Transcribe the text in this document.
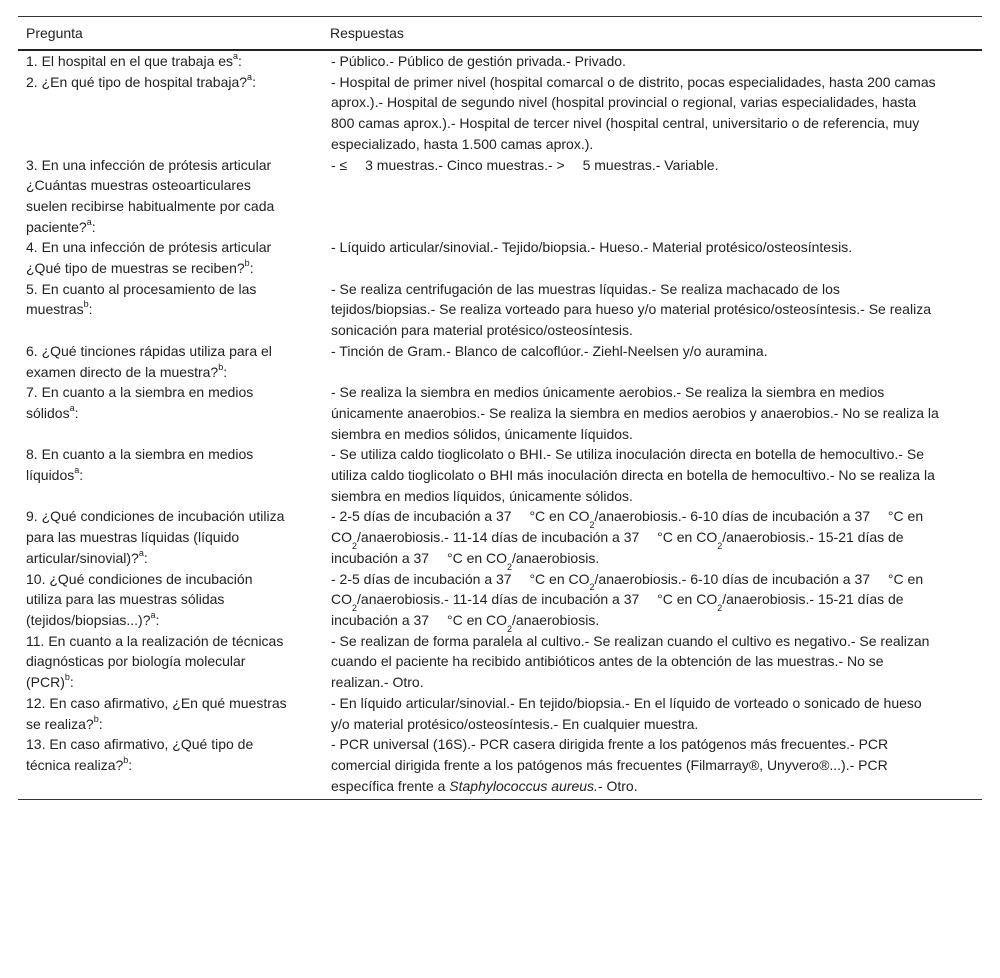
Pregunta	Respuestas
1. El hospital en el que trabaja $es^a$:	- Público.- Público de gestión privada.- Privado.
2. ¿En qué tipo de hospital trabaja?$^a$:	- Hospital de primer nivel (hospital comarcal o de distrito, pocas especialidades, hasta 200 camas aprox.).- Hospital de segundo nivel (hospital provincial o regional, varias especialidades, hasta 800 camas aprox.).- Hospital de tercer nivel (hospital central, universitario o de referencia, muy especializado, hasta 1.500 camas aprox.).
3. En una infección de prótesis articular ¿Cuántas muestras osteoarticulares suelen recibirse habitualmente por cada paciente?$^a$:	- ≤  3 muestras.- Cinco muestras.- >  5 muestras.- Variable.
4. En una infección de prótesis articular ¿Qué tipo de muestras se reciben?$^b$:	- Líquido articular/sinovial.- Tejido/biopsia.- Hueso.- Material protésico/osteosíntesis.
5. En cuanto al procesamiento de las muestras$^b$:	- Se realiza centrifugación de las muestras líquidas.- Se realiza machacado de los tejidos/biopsias.- Se realiza vorteado para hueso y/o material protésico/osteosíntesis.- Se realiza sonicación para material protésico/osteosíntesis.
6. ¿Qué tinciones rápidas utiliza para el examen directo de la muestra?$^b$:	- Tinción de Gram.- Blanco de calcoflúor.- Ziehl-Neelsen y/o auramina.
7. En cuanto a la siembra en medios sólidos$^a$:	- Se realiza la siembra en medios únicamente aerobios.- Se realiza la siembra en medios únicamente anaerobios.- Se realiza la siembra en medios aerobios y anaerobios.- No se realiza la siembra en medios sólidos, únicamente líquidos.
8. En cuanto a la siembra en medios líquidos$^a$:	- Se utiliza caldo tioglicolato o BHI.- Se utiliza inoculación directa en botella de hemocultivo.- Se utiliza caldo tioglicolato o BHI más inoculación directa en botella de hemocultivo.- No se realiza la siembra en medios líquidos, únicamente sólidos.
9. ¿Qué condiciones de incubación utiliza para las muestras líquidas (líquido articular/sinovial)?$^a$:	- 2-5 días de incubación a 37  °C en $CO_2/anaerobiosis.-$ 6-10 días de incubación a 37  °C en $CO_2/anaerobiosis.-$ 11-14 días de incubación a 37  °C en $CO_2/anaerobiosis.-$ 15-21 días de incubación a 37  °C en $CO_2$/anaerobiosis.
10. ¿Qué condiciones de incubación utiliza para las muestras sólidas (tejidos/biopsias...)?$^a$:	- 2-5 días de incubación a 37  °C en $CO_2/anaerobiosis.-$ 6-10 días de incubación a 37  °C en $CO_2/anaerobiosis.-$ 11-14 días de incubación a 37  °C en $CO_2/anaerobiosis.-$ 15-21 días de incubación a 37  °C en $CO_2$/anaerobiosis.
11. En cuanto a la realización de técnicas diagnósticas por biología molecular (PCR)$^b$:	- Se realizan de forma paralela al cultivo.- Se realizan cuando el cultivo es negativo.- Se realizan cuando el paciente ha recibido antibióticos antes de la obtención de las muestras.- No se realizan.- Otro.
12. En caso afirmativo, ¿En qué muestras se realiza?$^b$:	- En líquido articular/sinovial.- En tejido/biopsia.- En el líquido de vorteado o sonicado de hueso y/o material protésico/osteosíntesis.- En cualquier muestra.
13. En caso afirmativo, ¿Qué tipo de técnica realiza?$^b$:	- PCR universal (16S).- PCR casera dirigida frente a los patógenos más frecuentes.- PCR comercial dirigida frente a los patógenos más frecuentes (Filmarray®, Unyvero®...).- PCR específica frente a Staphylococcus aureus.- Otro.
